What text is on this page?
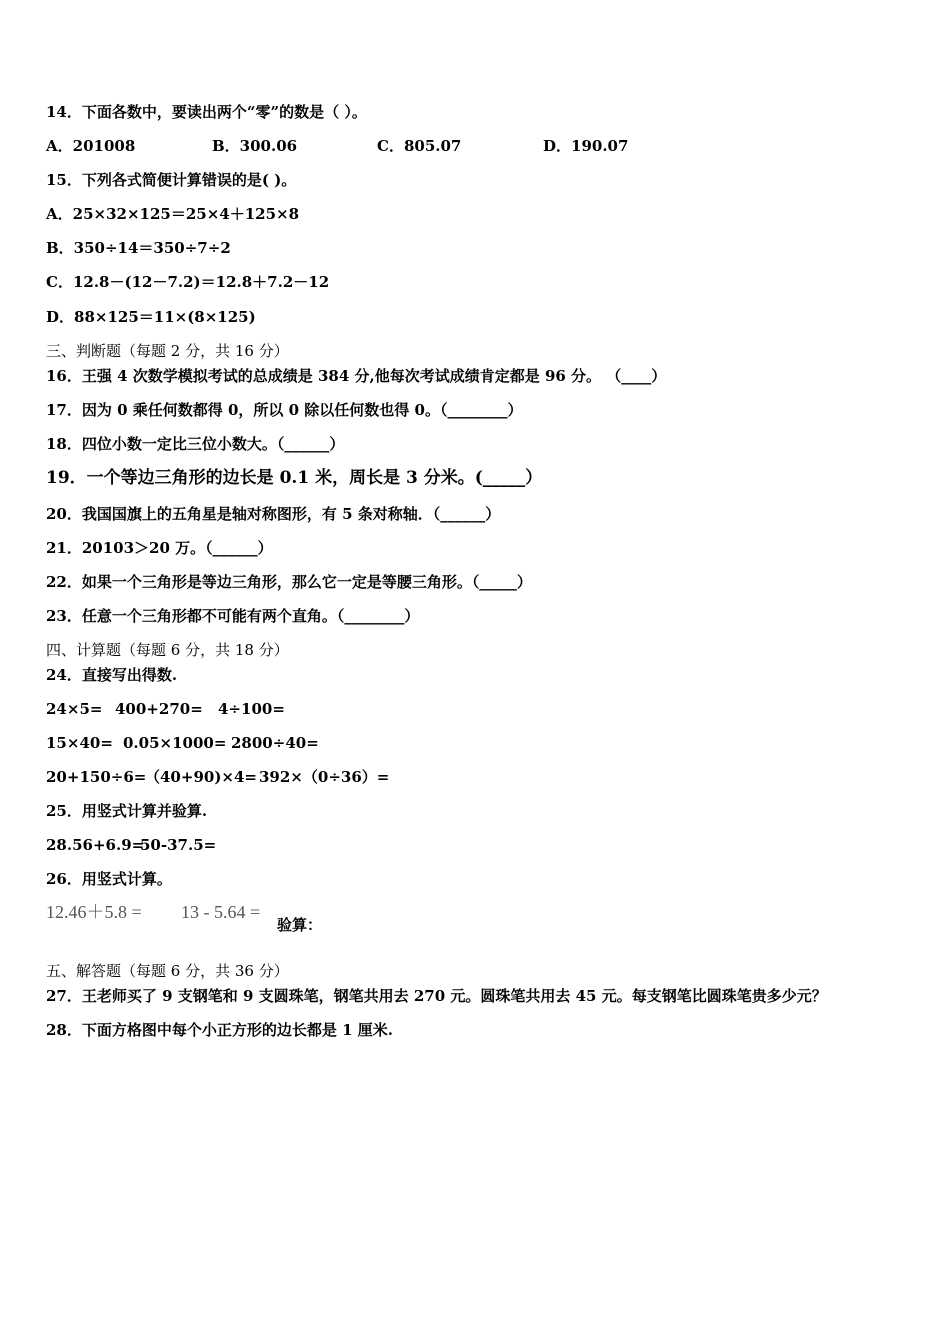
14．下面各数中，要读出两个“零”的数是（ ）。
A．201008	B．300.06	C．805.07	D．190.07
15．下列各式简便计算错误的是( )。
A．25×32×125＝25×4＋125×8
B．350÷14＝350÷7÷2
C．12.8－(12－7.2)＝12.8＋7.2－12
D．88×125＝11×(8×125)
三、判断题（每题 2 分，共 16 分）
16．王强 4 次数学模拟考试的总成绩是 384 分,他每次考试成绩肯定都是 96 分。 （____）
17．因为 0 乘任何数都得 0，所以 0 除以任何数也得 0。（________）
18．四位小数一定比三位小数大。（______）
19．一个等边三角形的边长是 0.1 米，周长是 3 分米。(_____）
20．我国国旗上的五角星是轴对称图形，有 5 条对称轴．（______）
21．20103＞20 万。（______）
22．如果一个三角形是等边三角形，那么它一定是等腰三角形。（_____）
23．任意一个三角形都不可能有两个直角。（________）
四、计算题（每题 6 分，共 18 分）
24．直接写出得数.
24×5= 400+270= 4÷100=
15×40= 0.05×1000= 2800÷40=
20+150÷6=
（40+90)×4= 392×（0÷36）=
25．用竖式计算并验算.
28.56+6.9=
50-37.5=
26．用竖式计算。
12.46＋5.8 = 13 - 5.64 =
验算：
五、解答题（每题 6 分，共 36 分）
27．王老师买了 9 支钢笔和 9 支圆珠笔，钢笔共用去 270 元。圆珠笔共用去 45 元。每支钢笔比圆珠笔贵多少元？
28．下面方格图中每个小正方形的边长都是 1 厘米.
